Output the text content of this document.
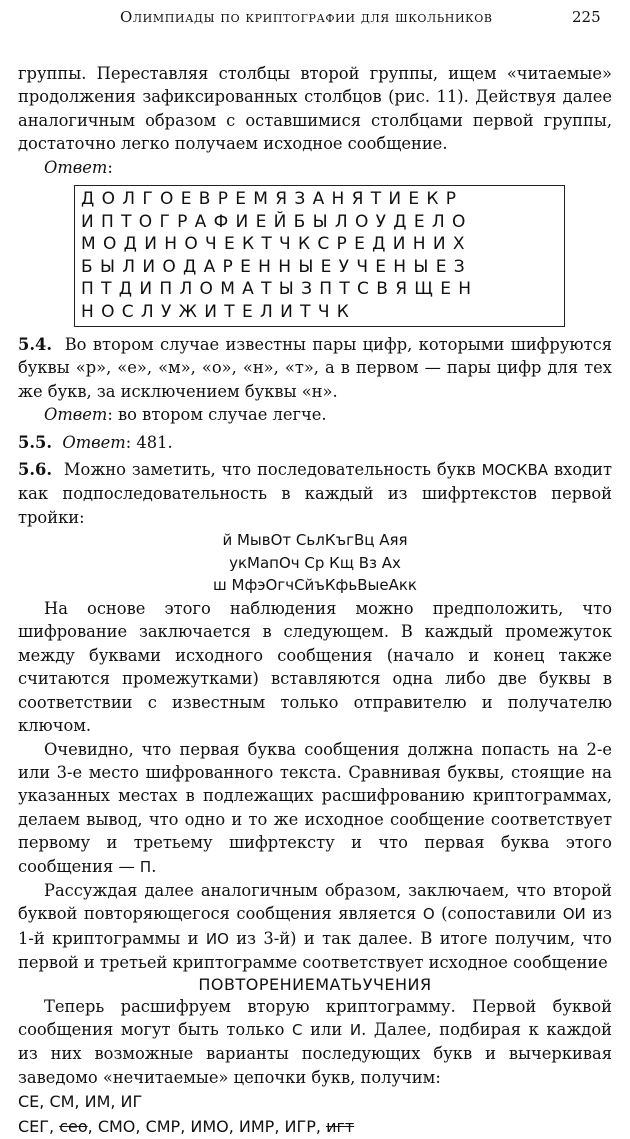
Олимпиады по криптографии для школьников	225

группы. Переставляя столбцы второй группы, ищем «читаемые» продолжения зафиксированных столбцов (рис. 11). Действуя далее аналогичным образом с оставшимися столбцами первой группы, достаточно легко получаем исходное сообщение.

Ответ:

ДОЛГОЕВРЕМЯЗАНЯТИЕКР
ИПТОГРАФИЕЙБЫЛОУДЕЛО
МОДИНОЧЕКТЧКСРЕДИНИХ
БЫЛИОДАРЕННЫЕУЧЕНЫЕЗ
ПТДИПЛОМАТЫЗПТСВЯЩЕН
НОСЛУЖИТЕЛИТЧК

5.4. Во втором случае известны пары цифр, которыми шифруются буквы «р», «е», «м», «о», «н», «т», а в первом — пары цифр для тех же букв, за исключением буквы «н».

Ответ: во втором случае легче.

5.5. Ответ: 481.

5.6. Можно заметить, что последовательность букв МОСКВА входит как подпоследовательность в каждый из шифртекстов первой тройки:

й МывОт СьлКъгВц Аяя
укМапОч Ср Кщ Вз Ах
ш МфэОгчСйъКфьВыеАкк

На основе этого наблюдения можно предположить, что шифрование заключается в следующем. В каждый промежуток между буквами исходного сообщения (начало и конец также считаются промежутками) вставляются одна либо две буквы в соответствии с известным только отправителю и получателю ключом.

Очевидно, что первая буква сообщения должна попасть на 2-е или 3-е место шифрованного текста. Сравнивая буквы, стоящие на указанных местах в подлежащих расшифрованию криптограммах, делаем вывод, что одно и то же исходное сообщение соответствует первому и третьему шифртексту и что первая буква этого сообщения — П.

Рассуждая далее аналогичным образом, заключаем, что второй буквой повторяющегося сообщения является О (сопоставили ОИ из 1-й криптограммы и ИО из 3-й) и так далее. В итоге получим, что первой и третьей криптограмме соответствует исходное сообщение

ПОВТОРЕНИЕМАТЬУЧЕНИЯ

Теперь расшифруем вторую криптограмму. Первой буквой сообщения могут быть только С или И. Далее, подбирая к каждой из них возможные варианты последующих букв и вычеркивая заведомо «нечитаемые» цепочки букв, получим:

СЕ, СМ, ИМ, ИГ
СЕГ, сео, СМО, СМР, ИМО, ИМР, ИГР, игт
